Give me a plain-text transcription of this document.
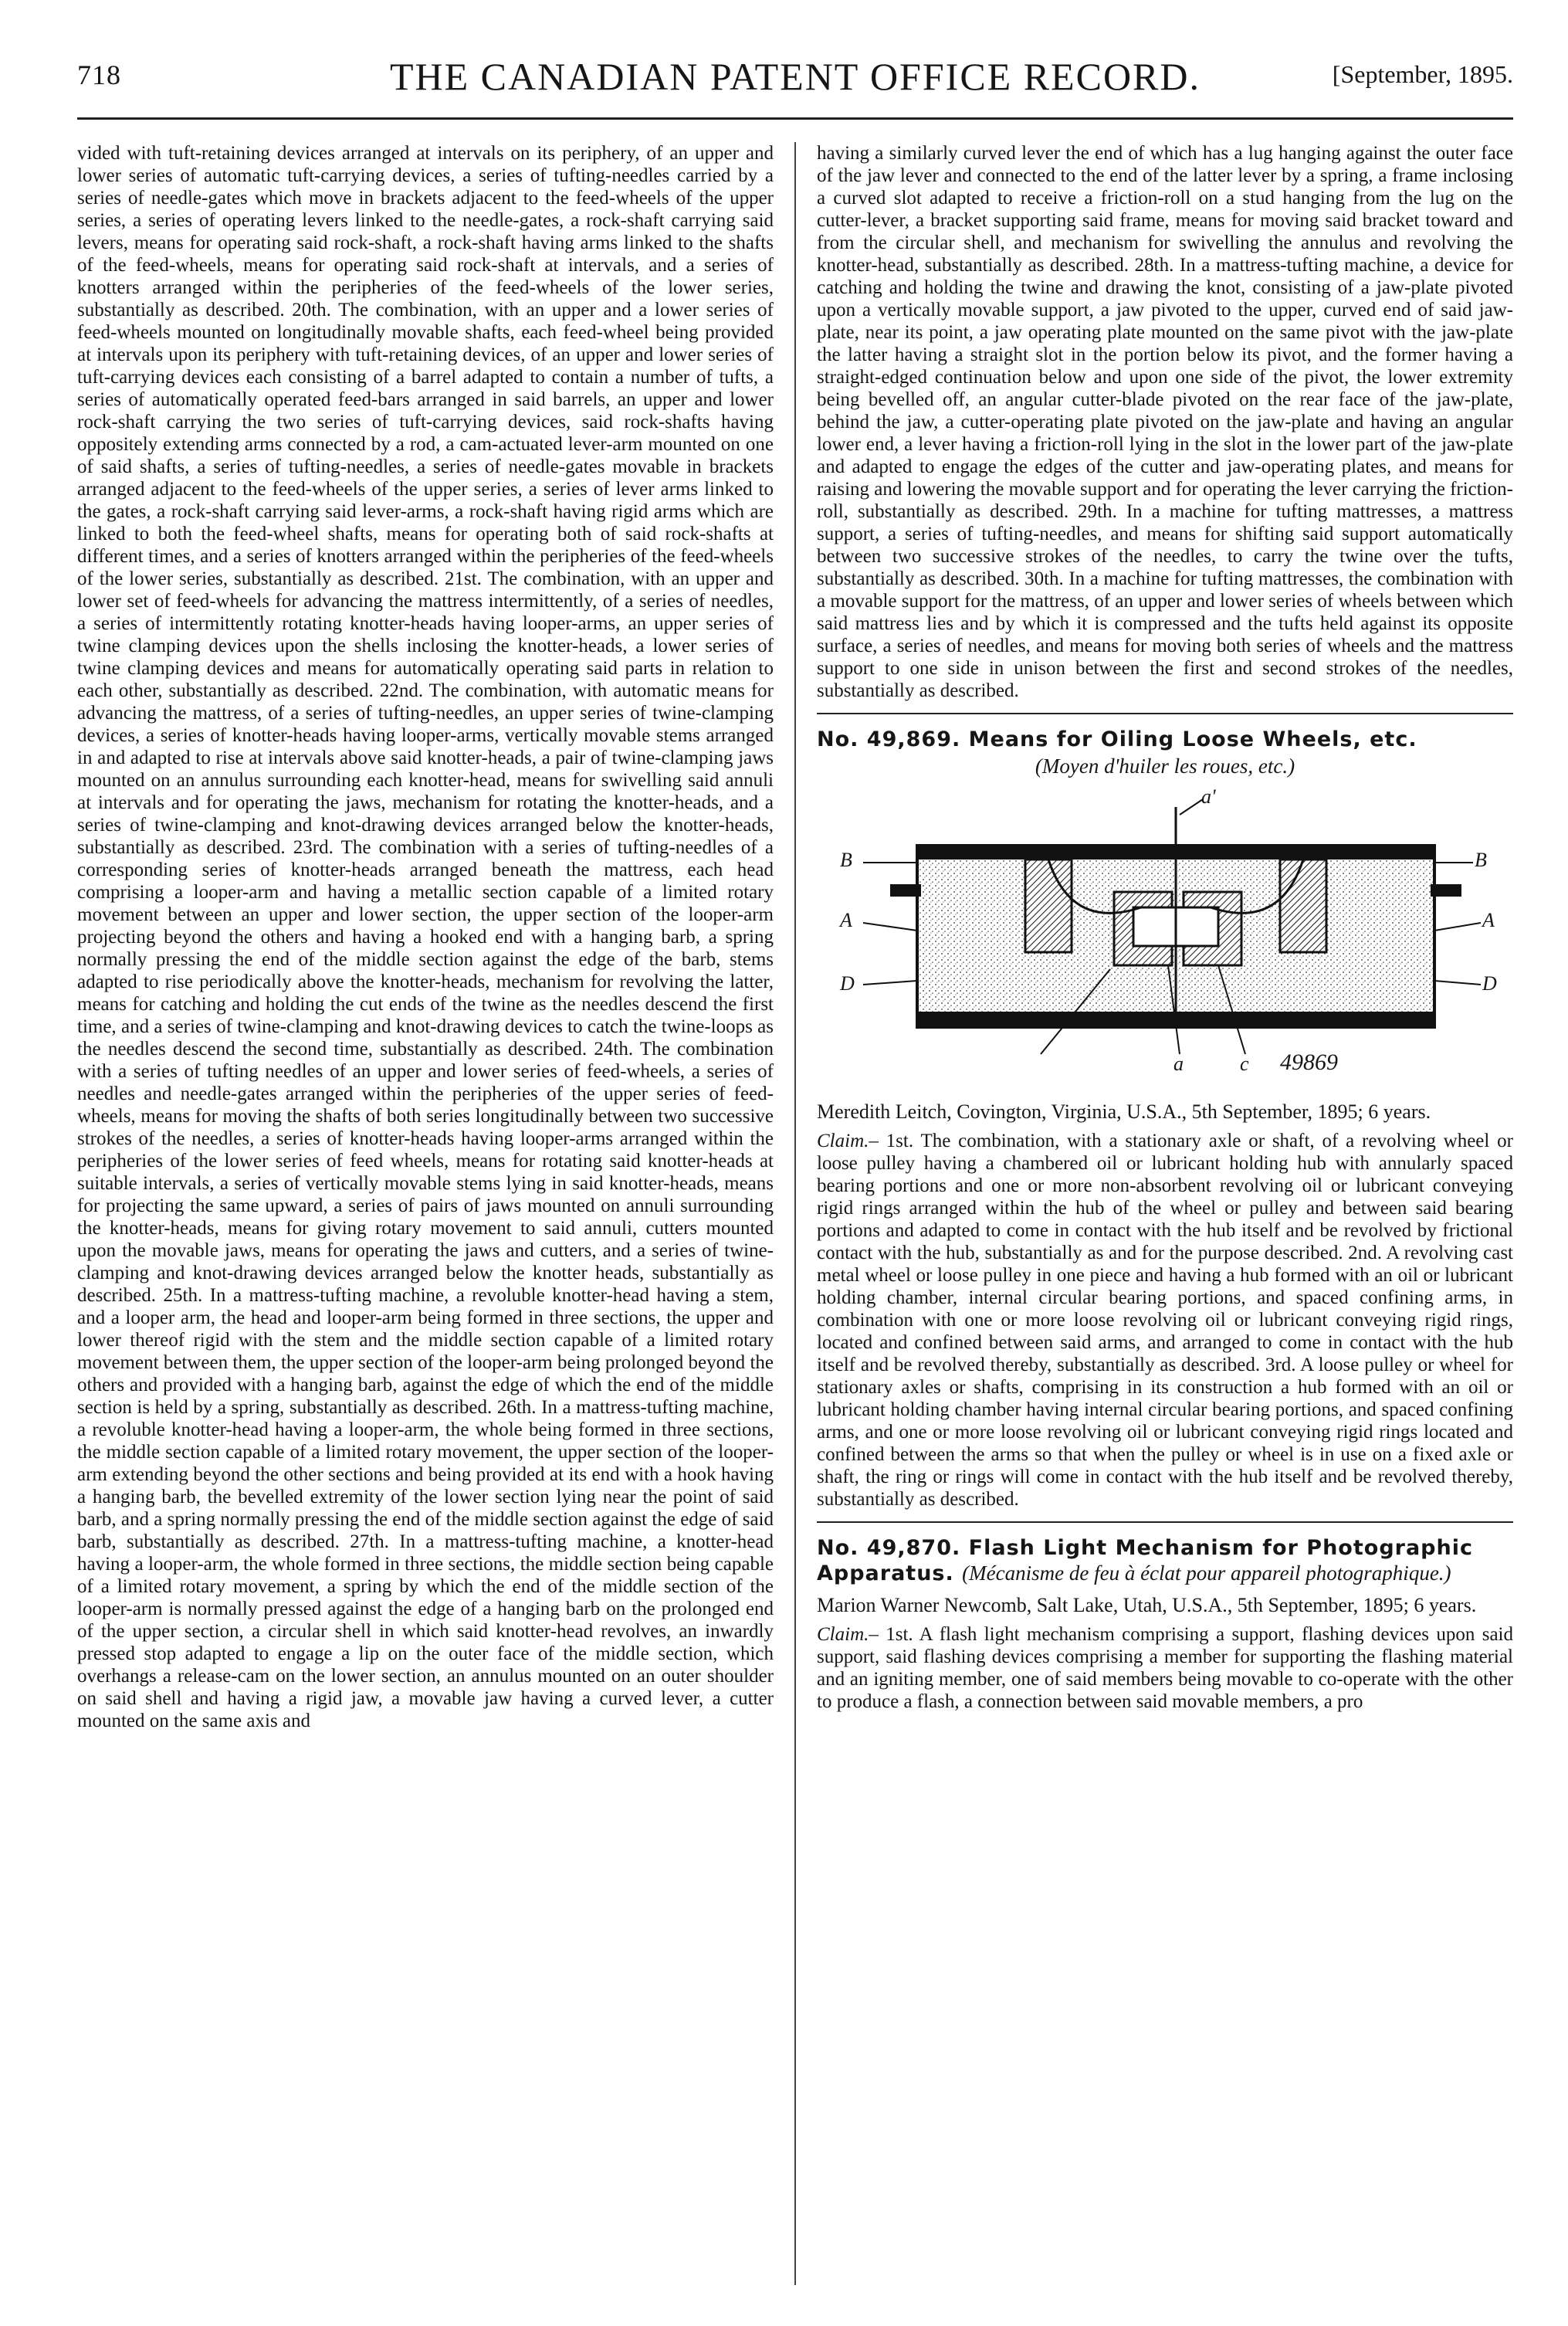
718	THE CANADIAN PATENT OFFICE RECORD.	[September, 1895.

vided with tuft-retaining devices arranged at intervals on its periphery, of an upper and lower series of automatic tuft-carrying devices, a series of tufting-needles carried by a series of needle-gates which move in brackets adjacent to the feed-wheels of the upper series, a series of operating levers linked to the needle-gates, a rock-shaft carrying said levers, means for operating said rock-shaft, a rock-shaft having arms linked to the shafts of the feed-wheels, means for operating said rock-shaft at intervals, and a series of knotters arranged within the peripheries of the feed-wheels of the lower series, substantially as described. 20th. The combination, with an upper and a lower series of feed-wheels mounted on longitudinally movable shafts, each feed-wheel being provided at intervals upon its periphery with tuft-retaining devices, of an upper and lower series of tuft-carrying devices each consisting of a barrel adapted to contain a number of tufts, a series of automatically operated feed-bars arranged in said barrels, an upper and lower rock-shaft carrying the two series of tuft-carrying devices, said rock-shafts having oppositely extending arms connected by a rod, a cam-actuated lever-arm mounted on one of said shafts, a series of tufting-needles, a series of needle-gates movable in brackets arranged adjacent to the feed-wheels of the upper series, a series of lever arms linked to the gates, a rock-shaft carrying said lever-arms, a rock-shaft having rigid arms which are linked to both the feed-wheel shafts, means for operating both of said rock-shafts at different times, and a series of knotters arranged within the peripheries of the feed-wheels of the lower series, substantially as described. 21st. The combination, with an upper and lower set of feed-wheels for advancing the mattress intermittently, of a series of needles, a series of intermittently rotating knotter-heads having looper-arms, an upper series of twine clamping devices upon the shells inclosing the knotter-heads, a lower series of twine clamping devices and means for automatically operating said parts in relation to each other, substantially as described. 22nd. The combination, with automatic means for advancing the mattress, of a series of tufting-needles, an upper series of twine-clamping devices, a series of knotter-heads having looper-arms, vertically movable stems arranged in and adapted to rise at intervals above said knotter-heads, a pair of twine-clamping jaws mounted on an annulus surrounding each knotter-head, means for swivelling said annuli at intervals and for operating the jaws, mechanism for rotating the knotter-heads, and a series of twine-clamping and knot-drawing devices arranged below the knotter-heads, substantially as described. 23rd. The combination with a series of tufting-needles of a corresponding series of knotter-heads arranged beneath the mattress, each head comprising a looper-arm and having a metallic section capable of a limited rotary movement between an upper and lower section, the upper section of the looper-arm projecting beyond the others and having a hooked end with a hanging barb, a spring normally pressing the end of the middle section against the edge of the barb, stems adapted to rise periodically above the knotter-heads, mechanism for revolving the latter, means for catching and holding the cut ends of the twine as the needles descend the first time, and a series of twine-clamping and knot-drawing devices to catch the twine-loops as the needles descend the second time, substantially as described. 24th. The combination with a series of tufting needles of an upper and lower series of feed-wheels, a series of needles and needle-gates arranged within the peripheries of the upper series of feed-wheels, means for moving the shafts of both series longitudinally between two successive strokes of the needles, a series of knotter-heads having looper-arms arranged within the peripheries of the lower series of feed wheels, means for rotating said knotter-heads at suitable intervals, a series of vertically movable stems lying in said knotter-heads, means for projecting the same upward, a series of pairs of jaws mounted on annuli surrounding the knotter-heads, means for giving rotary movement to said annuli, cutters mounted upon the movable jaws, means for operating the jaws and cutters, and a series of twine-clamping and knot-drawing devices arranged below the knotter heads, substantially as described. 25th. In a mattress-tufting machine, a revoluble knotter-head having a stem, and a looper arm, the head and looper-arm being formed in three sections, the upper and lower thereof rigid with the stem and the middle section capable of a limited rotary movement between them, the upper section of the looper-arm being prolonged beyond the others and provided with a hanging barb, against the edge of which the end of the middle section is held by a spring, substantially as described. 26th. In a mattress-tufting machine, a revoluble knotter-head having a looper-arm, the whole being formed in three sections, the middle section capable of a limited rotary movement, the upper section of the looper-arm extending beyond the other sections and being provided at its end with a hook having a hanging barb, the bevelled extremity of the lower section lying near the point of said barb, and a spring normally pressing the end of the middle section against the edge of said barb, substantially as described. 27th. In a mattress-tufting machine, a knotter-head having a looper-arm, the whole formed in three sections, the middle section being capable of a limited rotary movement, a spring by which the end of the middle section of the looper-arm is normally pressed against the edge of a hanging barb on the prolonged end of the upper section, a circular shell in which said knotter-head revolves, an inwardly pressed stop adapted to engage a lip on the outer face of the middle section, which overhangs a release-cam on the lower section, an annulus mounted on an outer shoulder on said shell and having a rigid jaw, a movable jaw having a curved lever, a cutter mounted on the same axis and

having a similarly curved lever the end of which has a lug hanging against the outer face of the jaw lever and connected to the end of the latter lever by a spring, a frame inclosing a curved slot adapted to receive a friction-roll on a stud hanging from the lug on the cutter-lever, a bracket supporting said frame, means for moving said bracket toward and from the circular shell, and mechanism for swivelling the annulus and revolving the knotter-head, substantially as described. 28th. In a mattress-tufting machine, a device for catching and holding the twine and drawing the knot, consisting of a jaw-plate pivoted upon a vertically movable support, a jaw pivoted to the upper, curved end of said jaw-plate, near its point, a jaw operating plate mounted on the same pivot with the jaw-plate the latter having a straight slot in the portion below its pivot, and the former having a straight-edged continuation below and upon one side of the pivot, the lower extremity being bevelled off, an angular cutter-blade pivoted on the rear face of the jaw-plate, behind the jaw, a cutter-operating plate pivoted on the jaw-plate and having an angular lower end, a lever having a friction-roll lying in the slot in the lower part of the jaw-plate and adapted to engage the edges of the cutter and jaw-operating plates, and means for raising and lowering the movable support and for operating the lever carrying the friction-roll, substantially as described. 29th. In a machine for tufting mattresses, a mattress support, a series of tufting-needles, and means for shifting said support automatically between two successive strokes of the needles, to carry the twine over the tufts, substantially as described. 30th. In a machine for tufting mattresses, the combination with a movable support for the mattress, of an upper and lower series of wheels between which said mattress lies and by which it is compressed and the tufts held against its opposite surface, a series of needles, and means for moving both series of wheels and the mattress support to one side in unison between the first and second strokes of the needles, substantially as described.

No. 49,869. Means for Oiling Loose Wheels, etc.

(Moyen d'huiler les roues, etc.)

a'
B	B
A	A
D	D
a	c 49869

Meredith Leitch, Covington, Virginia, U.S.A., 5th September, 1895; 6 years.

Claim.– 1st. The combination, with a stationary axle or shaft, of a revolving wheel or loose pulley having a chambered oil or lubricant holding hub with annularly spaced bearing portions and one or more non-absorbent revolving oil or lubricant conveying rigid rings arranged within the hub of the wheel or pulley and between said bearing portions and adapted to come in contact with the hub itself and be revolved by frictional contact with the hub, substantially as and for the purpose described. 2nd. A revolving cast metal wheel or loose pulley in one piece and having a hub formed with an oil or lubricant holding chamber, internal circular bearing portions, and spaced confining arms, in combination with one or more loose revolving oil or lubricant conveying rigid rings, located and confined between said arms, and arranged to come in contact with the hub itself and be revolved thereby, substantially as described. 3rd. A loose pulley or wheel for stationary axles or shafts, comprising in its construction a hub formed with an oil or lubricant holding chamber having internal circular bearing portions, and spaced confining arms, and one or more loose revolving oil or lubricant conveying rigid rings located and confined between the arms so that when the pulley or wheel is in use on a fixed axle or shaft, the ring or rings will come in contact with the hub itself and be revolved thereby, substantially as described.

No. 49,870. Flash Light Mechanism for Photographic Apparatus. (Mécanisme de feu à éclat pour appareil photographique.)

Marion Warner Newcomb, Salt Lake, Utah, U.S.A., 5th September, 1895; 6 years.

Claim.– 1st. A flash light mechanism comprising a support, flashing devices upon said support, said flashing devices comprising a member for supporting the flashing material and an igniting member, one of said members being movable to co-operate with the other to produce a flash, a connection between said movable members, a pro
